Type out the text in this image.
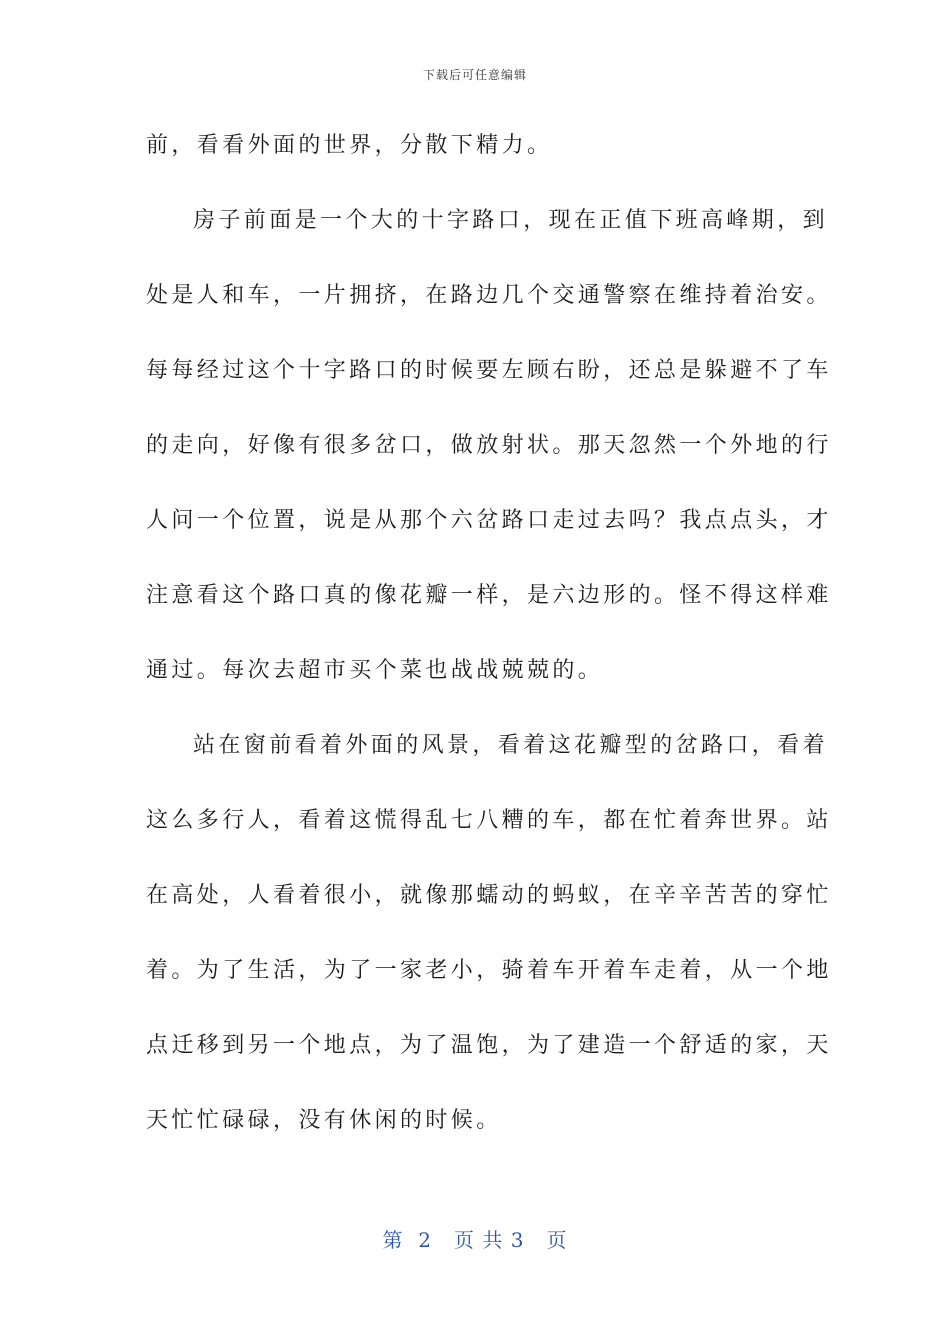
下载后可任意编辑
前，看看外面的世界，分散下精力。
房子前面是一个大的十字路口，现在正值下班高峰期，到
处是人和车，一片拥挤，在路边几个交通警察在维持着治安。
每每经过这个十字路口的时候要左顾右盼，还总是躲避不了车
的走向，好像有很多岔口，做放射状。那天忽然一个外地的行
人问一个位置，说是从那个六岔路口走过去吗？我点点头，才
注意看这个路口真的像花瓣一样，是六边形的。怪不得这样难
通过。每次去超市买个菜也战战兢兢的。
站在窗前看着外面的风景，看着这花瓣型的岔路口，看着
这么多行人，看着这慌得乱七八糟的车，都在忙着奔世界。站
在高处，人看着很小，就像那蠕动的蚂蚁，在辛辛苦苦的穿忙
着。为了生活，为了一家老小，骑着车开着车走着，从一个地
点迁移到另一个地点，为了温饱，为了建造一个舒适的家，天
天忙忙碌碌，没有休闲的时候。
第  2   页 共 3   页
